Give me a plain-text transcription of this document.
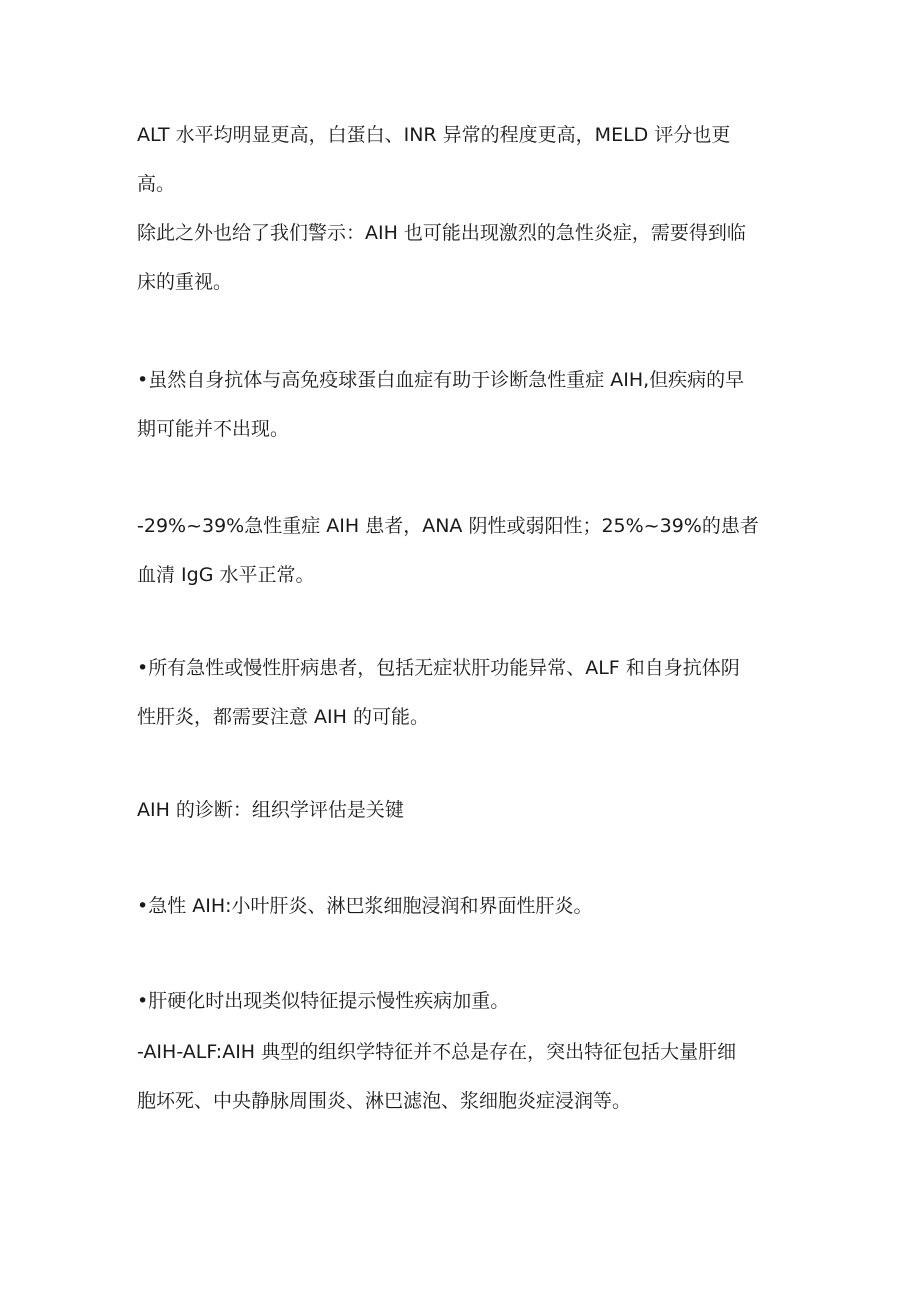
ALT 水平均明显更高，白蛋白、INR 异常的程度更高，MELD 评分也更
高。
除此之外也给了我们警示：AIH 也可能出现激烈的急性炎症，需要得到临
床的重视。
•虽然自身抗体与高免疫球蛋白血症有助于诊断急性重症 AIH,但疾病的早
期可能并不出现。
-29%~39%急性重症 AIH 患者，ANA 阴性或弱阳性；25%~39%的患者
血清 IgG 水平正常。
•所有急性或慢性肝病患者，包括无症状肝功能异常、ALF 和自身抗体阴
性肝炎，都需要注意 AIH 的可能。
AIH 的诊断：组织学评估是关键
•急性 AIH:小叶肝炎、淋巴浆细胞浸润和界面性肝炎。
•肝硬化时出现类似特征提示慢性疾病加重。
-AIH-ALF:AIH 典型的组织学特征并不总是存在，突出特征包括大量肝细
胞坏死、中央静脉周围炎、淋巴滤泡、浆细胞炎症浸润等。
